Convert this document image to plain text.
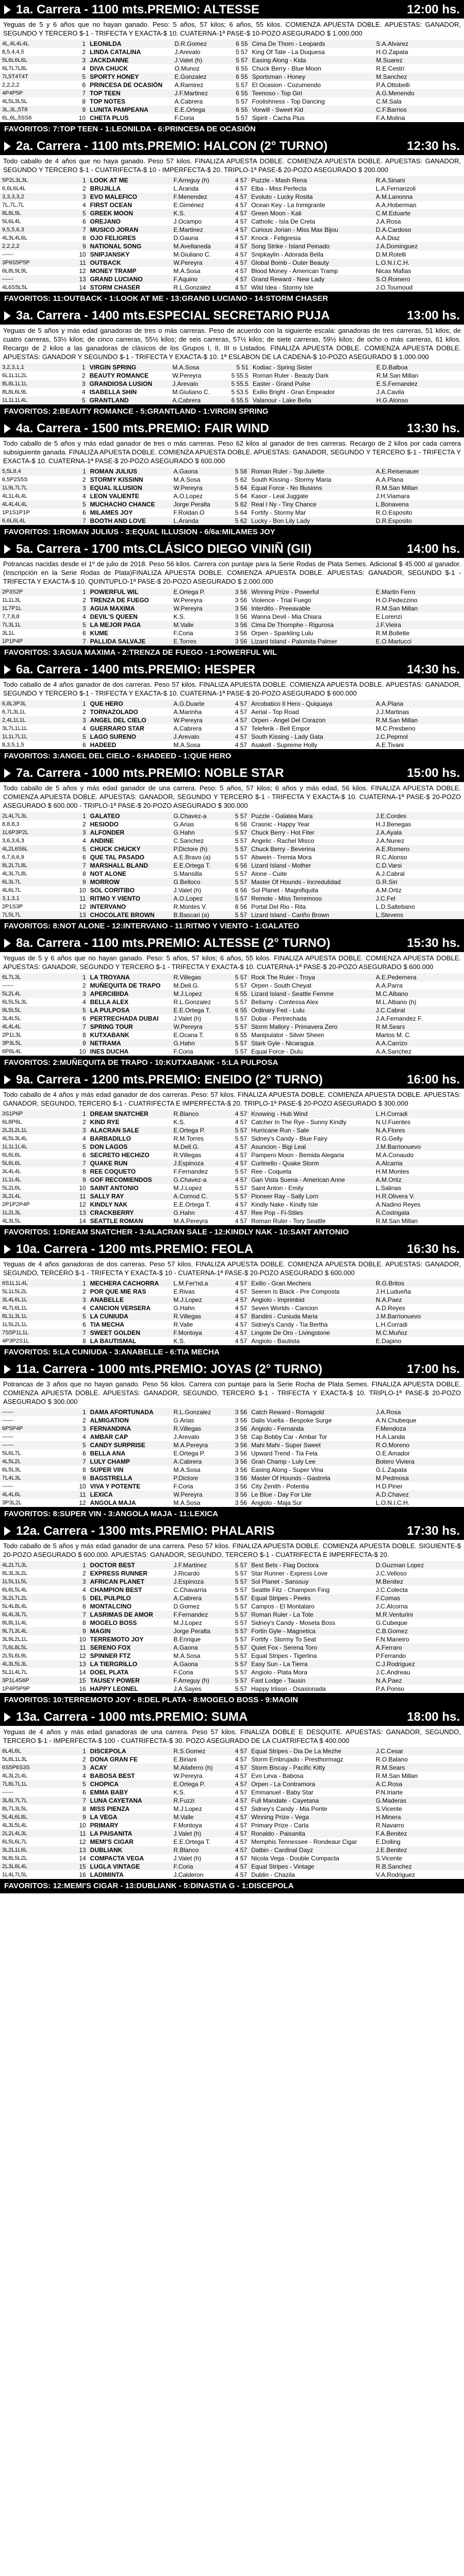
1a. Carrera - 1100 mts.PREMIO: ALTESSE	12:00 hs.
Yeguas de 5 y 6 años que no hayan ganado. Peso: 5 años, 57 kilos; 6 años, 55 kilos. COMIENZA APUESTA DOBLE. APUESTAS: GANADOR, SEGUNDO Y TERCERO $-1 - TRIFECTA Y EXACTA-$ 10. CUATERNA-1ª PASE-$ 10-POZO ASEGURADO $ 1.000.000
4L,4L4L4L	1	LEONILDA	D.R.Gomez	6 55	Cima De Thorn - Leopards	S.A.Alvarez
8,5,4,4,5	2	LINDA CATALINA	J.Arevalo	5 57	King Of Tate - La Duquesa	H.O.Zapata
5L6L6L6L	3	JACKDANNE	J.Valet (h)	5 57	Easing Along - Kida	M.Suarez
6L7L7L8L	4	DIVA CHUCK	O.Munoz	6 55	Chuck Berry - Blue Moon	R.E.Cestri
7L5T4T4T	5	SPORTY HONEY	E.Gonzalez	6 55	Sportsman - Honey	M.Sanchez
2,2,2,2	6	PRINCESA DE OCASIÓN	A.Ramirez	5 57	El Ocasion - Cozumendo	P.A.Ottobelli
4P4P5P	7	TOP TEEN	J.F.Martinez	6 55	Teenoso - Top Girl	A.G.Menendo
4L5L3L5L	8	TOP NOTES	A.Cabrera	5 57	Foolishness - Top Dancing	C.M.Sala
3L,3L,5T8	9	LUNITA PAMPEANA	E.E.Ortega	6 55	Vorwill - Sweet Kid	C.F.Barrios
6L,6L,5SS6	10	CHETA PLUS	F.Coria	5 57	Sipirit - Cacha Plus	F.A.Molina
FAVORITOS: 7:TOP TEEN - 1:LEONILDA - 6:PRINCESA DE OCASIÓN
2a. Carrera - 1100 mts.PREMIO: HALCON (2° TURNO)	12:30 hs.
Todo caballo de 4 años que no haya ganado. Peso 57 kilos. FINALIZA APUESTA DOBLE. COMIENZA APUESTA DOBLE. APUESTAS: GANADOR, SEGUNDO Y TERCERO $-1 - CUATRIFECTA-$ 10 - IMPERFECTA-$ 20. TRIPLO-1ª PASE-$ 20-POZO ASEGURADO $ 200.000
5P2L3L3L	1	LOOK AT ME	F.Arreguy (h)	4 57	Puzzle - Mash Rena	R.A.Sinani
6,6L6L4L	2	BRUJILLA	L.Aranda	4 57	Elba - Miss Perfecta	L.A.Fernanzoli
3,3,3,3,2	3	EVO MALEFICO	F.Menendez	4 57	Evoluto - Lucky Rosita	A.M.Lanonna
7L,7L,7L	4	FIRST OCEAN	E.Giménez	4 57	Ocean Key - La Inmigrante	A.A.Hoberman
8L8L9L	5	GREEK MOON	K.S.	4 57	Green Moon - Kali	C.M.Eduarte
5L6L4L	6	OREJANO	J.Ocampo	4 57	Catholic - Isla De Creta	J.A.Rosa
9,5,5,6,3	7	MUSICO JORAN	E.Martinez	4 57	Curious Jorian - Miss Max Bijou	D.A.Cardoso
4L3L4L6L	8	OJO FELIGRES	D.Gauna	4 57	Knock - Feligresia	A.A.Diaz
2,2,2,2	9	NATIONAL SONG	M.Avellaneda	4 57	Song Strike - Island Peinado	J.A.Dominguez
------	10	SNIPJANSKY	M.Giuliano C.	4 57	Snipkaylin - Adorada Bella	D.M.Rotelli
3P6S5P5P	11	OUTBACK	W.Pereyra	4 57	Global Bomb - Outer Beauty	L.O.N.I.C.H.
6L8L9L9L	12	MONEY TRAMP	M.A.Sosa	4 57	Blood Money - American Tramp	Nicas Mafias
------	13	GRAND LUCIANO	F.Aquino	4 57	Grand Reward - New Lady	S.O.Romero
4L6S5L5L	14	STORM CHASER	R.L.Gonzalez	4 57	Wild Idea - Stormy Isle	J.O.Toumoud
FAVORITOS: 11:OUTBACK - 1:LOOK AT ME - 13:GRAND LUCIANO - 14:STORM CHASER
3a. Carrera - 1400 mts.ESPECIAL SECRETARIO PUJA	13:00 hs.
Yeguas de 5 años y más edad ganadoras de tres o más carreras. Peso de acuerdo con la siguiente escala: ganadoras de tres carreras, 51 kilos; de cuatro carreras, 53½ kilos; de cinco carreras, 55½ kilos; de seis carreras, 57½ kilos; de siete carreras, 59½ kilos; de ocho o más carreras, 61 kilos. Recargo de 2 kilos a las ganadoras de clásicos de los Grupos I, II, III o Listados. FINALIZA APUESTA DOBLE. COMIENZA APUESTA DOBLE. APUESTAS: GANADOR Y SEGUNDO $-1 - TRIFECTA Y EXACTA-$ 10. 1ª ESLABON DE LA CADENA-$ 10-POZO ASEGURADO $ 1.000.000
3,2,3,1,1	1	VIRGIN SPRING	M.A.Sosa	5 51	Kodiac - Spring Sister	E.D.Balboa
6L1L1L2L	2	BEAUTY ROMANCE	W.Pereyra	5 55.5	Roman Ruler - Beauty Dark	R.M.San Millan
8L8L1L1L	3	GRANDIOSA LUSION	J.Arevalo	5 55.5	Easter - Grand Pulse	E.S.Fernandez
8L8L6L9L	4	ISABELLA SHIN	M.Giuliano C.	5 53.5	Exilio Bright - Gran Empeador	J.A.Cavila
1L1L1L4L	5	GRANTLAND	A.Cabrera	6 55.5	Valanour - Lake Bella	H.G.Alonso
FAVORITOS: 2:BEAUTY ROMANCE - 5:GRANTLAND - 1:VIRGIN SPRING
4a. Carrera - 1500 mts.PREMIO: FAIR WIND	13:30 hs.
Todo caballo de 5 años y más edad ganador de tres o más carreras. Peso 62 kilos al ganador de tres carreras. Recargo de 2 kilos por cada carrera subsiguiente ganada. FINALIZA APUESTA DOBLE. COMIENZA APUESTA DOBLE. APUESTAS: GANADOR, SEGUNDO Y TERCERO $-1 - TRIFECTA Y EXACTA-$ 10. CUATERNA-1ª PASE-$ 20-POZO ASEGURADO $ 600.000
5,5L8,4	1	ROMAN JULIUS	A.Gaona	5 58	Roman Ruler - Top Juliette	A.E.Reisenauer
6,5P2S5S	2	STORMY KISSINN	M.A.Sosa	5 62	South Kissing - Stormy Maria	A.A.Plana
1L9L7L7L	3	EQUAL ILLUSION	W.Pereyra	5 64	Equal Force - No Illusions	R.M.San Millan
4L1L4L4L	4	LEON VALIENTE	A.O.Lopez	5 64	Kasor - Leal Juggate	J.H.Viamara
4L4L4L4L	5	MUCHACHO CHANCE	Jorge Peralta	5 62	Real I Ny - Tiny Chance	L.Bonavena
1P1S1P1P	6	MILAMES JOY	F.Roldan.O	5 64	Fortify - Stormy Mar	R.O.Esposito
6,6L6L4L	7	BOOTH AND LOVE	L.Aranda	5 62	Lucky - Bon Lily Lady	D.R.Esposito
FAVORITOS: 1:ROMAN JULIUS - 3:EQUAL ILLUSION - 6/6a:MILAMES JOY
5a. Carrera - 1700 mts.CLÁSICO DIEGO VINIÑ (GII)	14:00 hs.
Potrancas nacidas desde el 1º de julio de 2018. Peso 56 kilos. Carrera con puntaje para la Serie Rodas de Plata Semes. Adicional $ 45.000 al ganador. (Inscripción en la Serie Rodas de Plata)FINALIZA APUESTA DOBLE. COMIENZA APUESTA DOBLE. APUESTAS: GANADOR, SEGUNDO $-1 - TRIFECTA Y EXACTA-$ 10. QUINTUPLO-1ª PASE-$ 20-POZO ASEGURADO $ 2.000.000
2P3S2P	1	POWERFUL WIL	E.Ortega P.	3 56	Winning Prize - Powerful	E.Martin Ferro
1L1L3L	2	TRENZA DE FUEGO	W.Pereyra	3 56	Violence - Trial Fuego	H.O.Pedezzino
1L7P1L	3	AGUA MAXIMA	W.Pereyra	3 56	Interdito - Preeavable	R.M.San Millan
7,7,8,8	4	DEVIL'S QUEEN	K.S.	3 56	Wanna Devil - Mia Chiara	E.Lorenzi
7L3L1L	5	LA MEJOR PAGA	M.Valle	3 56	Cima De Thornphe - Rigurosa	J.F.Vieira
3L1L	6	KUME	F.Coria	3 56	Orpen - Sparkling Lulu	R.M.Bollette
1P1P4P	7	PALLIDA SALVAJE	E.Torres	3 56	Lizard Island - Palomita Palmer	E.O.Martucci
FAVORITOS: 3:AGUA MAXIMA - 2:TRENZA DE FUEGO - 1:POWERFUL WIL
6a. Carrera - 1400 mts.PREMIO: HESPER	14:30 hs.
Todo caballo de 4 años ganador de dos carreras. Peso 57 kilos. FINALIZA APUESTA DOBLE. COMIENZA APUESTA DOBLE. APUESTAS: GANADOR, SEGUNDO Y TERCERO $-1 - TRIFECTA Y EXACTA-$ 10. CUATERNA-1ª PASE-$ 20-POZO ASEGURADO $ 600.000
6,8L3P3L	1	QUE HERO	A.G.Duarte	4 57	Arcobatico Il Hero - Quiquaya	A.A.Plana
6,7L3L1L	2	TORNAZOLADO	A.Marinha	4 57	Aerial - Top Road	J.J.Martinas
2,4L1L1L	3	ANGEL DEL CIELO	W.Pereyra	4 57	Orpen - Angel Del Corazon	R.M.San Millan
3L7L1L1L	4	GUERRARO STAR	A.Cabrera	4 57	Teleferik - Bell Empor	M.C.Presbeno
1L1L7L1L	5	LAGO SURENO	J.Arevalo	4 57	South Kissing - Lady Gata	J.C.Pepmol
8,3,5,1,5	6	HADEED	M.A.Sosa	4 57	Asakell - Supreme Holly	A.E.Tivani
FAVORITOS: 3:ANGEL DEL CIELO - 6:HADEED - 1:QUE HERO
7a. Carrera - 1000 mts.PREMIO: NOBLE STAR	15:00 hs.
Todo caballo de 5 años y más edad ganador de una carrera. Peso: 5 años, 57 kilos; 6 años y más edad, 56 kilos. FINALIZA APUESTA DOBLE. COMIENZA APUESTA DOBLE. APUESTAS: GANADOR, SEGUNDO Y TERCERO $-1 - TRIFECTA Y EXACTA-$ 10. CUATERNA-1ª PASE-$ 20-POZO ASEGURADO $ 600.000 - TRIPLO-1ª PASE-$ 20-POZO ASEGURADO $ 300.000
2L4L7L3L	1	GALATEO	G.Chavez-a	5 57	Puzzle - Galatea Mara	J.E.Cordes
8,8,8,3	2	HESIODO	G.Arias	6 56	Crasnic - Happy Year	H.J.Benegas
1L6P3P2L	3	ALFONDER	G.Hahn	5 57	Chuck Berry - Hot Fiter	J.A.Ayala
3,6,3,6,3	4	ANDINE	C.Sanchez	5 57	Angelic - Rachel Misco	J.A.Nunez
4L2L6S6L	5	CHUCK CHUCKY	P.Dictore (h)	5 57	Chuck Berry - Beverina	A.E.Romero
6,7,6,6,9	6	QUE TAL PASADO	A.E.Bravo (a)	5 57	Abwein - Tremia Mora	R.C.Alonso
8L2L7L8L	7	MARSHALL BLAND	E.E.Ortega T.	6 56	Lizard Island - Mother	C.D.Varsi
4L3L7L8L	8	NOT ALONE	S.Mansilla	5 57	Alone - Cuite	A.J.Cabral
6L3L7L	9	MORROW	G.Belloco	5 57	Master Of Hounds - Incredulidad	G.R.Siri
4L6L7L	10	SOL CORITIBO	J.Valet (h)	6 56	Sol Planet - Magnifiquita	A.M.Ortiz
3,1,3,1	11	RITMO Y VIENTO	A.O.Lopez	5 57	Remote - Miss Terremoso	J.C.Fel
2P1S3P	12	INTERVANO	R.Montes V.	6 56	Portal Del Rio - Rita	L.D.Saltebano
7L5L7L	13	CHOCOLATE BROWN	B.Bascari (a)	5 57	Lizard Island - Cariño Brown	L.Stevens
FAVORITOS: 8:NOT ALONE - 12:INTERVANO - 11:RITMO Y VIENTO - 1:GALATEO
8a. Carrera - 1100 mts.PREMIO: ALTESSE (2° TURNO)	15:30 hs.
Yeguas de 5 y 6 años que no hayan ganado. Peso: 5 años, 57 kilos; 6 años, 55 kilos. FINALIZA APUESTA DOBLE. COMIENZA APUESTA DOBLE. APUESTAS: GANADOR, SEGUNDO Y TERCERO $-1 - TRIFECTA Y EXACTA-$ 10. CUATERNA-1ª PASE-$ 20-POZO ASEGURADO $ 600.000
6L7L3L	1	LA TROYANA	R.Villegas	5 57	Rock The Ruler - Troya	A.E.Pedernera
------	2	MUÑEQUITA DE TRAPO	M.Dell.G.	5 57	Orpen - South Cheyat	A.A.Parra
5L2L4L	3	APERCIBIDA	M.J.Lopez	6 55	Lizard Island - Seattle Femme	M.C.Albano
6L5L5L3L	4	BELLA ALEX	R.L.Gonzalez	5 57	Bellamy - Contessa Alex	M.L.Albano (h)
9L5L5L	5	LA PULPOSA	E.E.Ortega T.	6 55	Ordinary Fed - Lulu	J.C.Cabral
3L4L5L	6	PERTRECHADA DUBAI	J.Valet (h)	5 57	Dubai - Pertrechada	J.A.Fernandez F.
4L4L4L	7	SPRING TOUR	W.Pereyra	5 57	Storm Mallory - Primavera Zero	R.M.Sears
2P1L3L	8	KUTXABANK	E.Ocana T.	6 55	Manipulator - Silver Sheen	Martos M. C.
3P3L5L	9	NETRAMA	G.Hahn	5 57	Stark Gyle - Nicaragua	A.A.Carrizo
6P6L4L	10	INES DUCHA	F.Coria	5 57	Equal Force - Dulu	A.A.Sanchez
FAVORITOS: 2:MUÑEQUITA DE TRAPO - 10:KUTXABANK - 5:LA PULPOSA
9a. Carrera - 1200 mts.PREMIO: ENEIDO (2° TURNO)	16:00 hs.
Todo caballo de 4 años y más edad ganador de dos carreras. Peso: 57 kilos. FINALIZA APUESTA DOBLE. COMIENZA APUESTA DOBLE. APUESTAS: GANADOR, SEGUNDO, TERCERO $-1 - CUATRIFECTA E IMPERFECTA-$ 20. TRIPLO-1ª PASE-$ 20-POZO ASEGURADO $ 300.000
3S1P6P	1	DREAM SNATCHER	R.Blanco	4 57	Knowing - Hub Wind	L.H.Corradi
6L8P6L	2	KIND RYE	K.S.	4 57	Catcher In The Rye - Sunny Kindly	N.U.Fuentes
2L2L2L1L	3	ALACRAN SALE	E.Ortega P.	5 57	Hurricane Run - Sale	N.A.Flores
4L5L3L4L	4	BARBADILLO	R.M.Torres	5 57	Sidney's Candy - Blue Fairy	R.G.Gelly
1L1L1L4L	5	DON LAGOS	M.Dell.G.	4 57	Asuncion - Bigi Leal	J.M.Barrionuevo
6L6L6L	6	SECRETO HECHIZO	R.Villegas	4 57	Pampero Moon - Bemida Alegaria	M.A.Conaudo
5L6L6L	7	QUAKE RUN	J.Espinoza	4 57	Curlinello - Quake Storm	A.Alcarria
3L4L4L	8	REE COQUETO	F.Fernandez	5 57	Ree - Coqueta	H.M.Montes
1L1L4L	9	GOF RECOMIENDOS	G.Chavez-a	4 57	Gan Vista Suena - American Anne	A.M.Ortiz
5L2L6L	10	SAINT ANTONIO	M.J.Lopez	5 57	Saint Anton - Emily	L.Salinas
3L2L4L	11	SALLY RAY	A.Cornod C.	5 57	Pioneer Ray - Sally Lorn	H.R.Olivera V.
2P1P2P4P	12	KINDLY NAK	E.E.Ortega T.	4 57	Kindly Nake - Kindly Isle	A.Nadino Reyes
1L2L3L	13	CRACKBERRY	G.Hahn	4 57	Ree Pop - Fi-Stiles	A.Costrigala
4L3L5L	14	SEATTLE ROMAN	M.A.Pereyra	4 57	Roman Ruler - Tory Seattle	R.M.San Millan
FAVORITOS: 1:DREAM SNATCHER - 3:ALACRAN SALE - 12:KINDLY NAK - 10:SANT ANTONIO
10a. Carrera - 1200 mts.PREMIO: FEOLA	16:30 hs.
Yeguas de 4 años ganadoras de dos carreras. Peso 57 kilos. FINALIZA APUESTA DOBLE. COMIENZA APUESTA DOBLE. APUESTAS: GANADOR, SEGUNDO, TERCERO $-1 - TRIFECTA Y EXACTA-$ 10 - CUATERNA-1ª PASE-$ 20-POZO ASEGURADO $ 600.000
6S1L1L4L	1	MECHERA CACHORRA	L.M.Fer'nd.a	4 57	Exilio - Gran Mechera	R.G.Britos
5L1L5L2L	2	POR QUE MIE RAS	E.Rivas	4 57	Seeren Is Black - Pre Composta	J.H.Ludueña
3L4L6L1L	3	ANABELLE	M.J.Lopez	4 57	Angiolo - Imprimbid	N.A.Paez
4L7L6L1L	4	CANCION VERSERA	G.Hahn	4 57	Seven Worlds - Cancion	A.D.Reyes
8L1L3L1L	5	LA CUNIUDA	R.Villegas	4 57	Bandini - Cuniuda Maria	J.M.Barrionuevo
1L5L2L1L	6	TIA MECHA	R.Valle	4 57	Sidney's Candy - Tia Bertha	L.H.Corradi
7S5P1L1L	7	SWEET GOLDEN	F.Montoya	4 57	Lingote De Oro - Livingstone	M.C.Muñoz
4P3P2S1L	8	LA BAUTISMAL	K.S.	4 57	Angiolo - Bautista	E.Dapino
FAVORITOS: 5:LA CUNIUDA - 3:ANABELLE - 6:TIA MECHA
11a. Carrera - 1000 mts.PREMIO: JOYAS (2° TURNO)	17:00 hs.
Potrancas de 3 años que no hayan ganado. Peso 56 kilos. Carrera con puntaje para la Serie Rocha de Plata Semes. FINALIZA APUESTA DOBLE. COMIENZA APUESTA DOBLE. APUESTAS: GANADOR, SEGUNDO, TERCERO $-1 - TRIFECTA Y EXACTA-$ 10. TRIPLO-1ª PASE-$ 20-POZO ASEGURADO $ 300.000
------	1	DAMA AFORTUNADA	R.L.Gonzalez	3 56	Catch Reward - Romagold	J.A.Rosa
------	2	ALMIGATION	G.Arias	3 56	Dalis Vuelta - Bespoke Surge	A.N.Chubeque
6P5P4P	3	FERNANDINA	R.Villegas	3 56	Angiolo - Fernanda	F.Mendoza
------	4	AMBAR CAP	J.Arevalo	3 56	Cap Bobby Car - Ambar Tor	H.A.Landa
------	5	CANDY SURPRISE	M.A.Pereyra	3 56	Mahi Mahi - Super Sweet	R.O.Moreno
5L6L7L	6	BELLA ANA	E.Ortega P.	3 56	Upward Trend - Tia Fela	O.E.Amador
4L5L2L	7	LULY CHAMP	A.Cabrera	3 56	Gran Champ - Luly Lee	Botero Viviera
6L5L3L	8	SUPER VIN	M.A.Sosa	3 56	Easing Along - Super Vina	G.L.Zapata
7L4L3L	9	BAGSTRELLA	P.Dictore	3 56	Master Of Hounds - Gastrela	M.Pedmosa
------	10	VIVA Y POTENTE	F.Coria	3 56	City Zenith - Potentia	H.D.Piner
4L4L6L	11	LEXICA	W.Pereyra	3 56	Le Blue - Day For Lite	A.D.Chavez
3P3L2L	12	ANGOLA MAJA	M.A.Sosa	3 56	Angiolo - Maja Sur	L.O.N.I.C.H.
FAVORITOS: 8:SUPER VIN - 3:ANGOLA MAJA - 11:LEXICA
12a. Carrera - 1300 mts.PREMIO: PHALARIS	17:30 hs.
Todo caballo de 5 años y más edad ganador de una carrera. Peso 57 kilos. FINALIZA APUESTA DOBLE. COMIENZA APUESTA DOBLE. SIGUIENTE-$ 20-POZO ASEGURADO $ 600.000. APUESTAS: GANADOR, SEGUNDO, TERCERO $-1 - CUATRIFECTA E IMPERFECTA-$ 20.
4L2L7L3L	1	DOCTOR BEST	J.F.Martinez	5 57	Best Bets - Flag Doctora	D.Guzman Lopez
8L3L3L2L	2	EXPRESS RUNNER	J.Ricardo	5 57	Star Runner - Express Love	J.C.Velloso
1L5L1L5L	3	AFRICAN PLANET	J.Espinoza	5 57	Sol Planet - Sanssuy	M.Benitez
6L6L5L4L	4	CHAMPION BEST	C.Chavarria	5 57	Seattle Fitz - Champion Fing	J.C.Colecta
3L2L7L2L	5	DEL PULPILO	A.Cabrera	5 57	Equal Stripes - Peeks	F.Comas
5L4L8L4L	6	MONTALCINO	D.Gomez	5 57	Campos - El Montalaro	J.C.Alcorna
6L4L3L7L	7	LASRIMAS DE AMOR	F.Fernandez	5 57	Roman Ruler - La Tote	M.R.Venturini
8L8L1L4L	8	MOGELO BOSS	M.J.Lopez	5 57	Sidney's Candy - Moseta Boss	G.Cubeque
9L7L3L4L	9	MAGIN	Jorge Peralta	5 57	Fortin Gyle - Magnetica	C.B.Gomez
3L9L2L1L	10	TERREMOTO JOY	B.Enrique	5 57	Fortify - Stormy To Seat	F.N.Maneiro
7L6L8L5L	11	SERENO FOX	A.Gaona	5 57	Quiet Fox - Serena Toro	A.Ferraro
2L5L6L9L	12	SPINNER FTZ	M.A.Sosa	5 57	Equal Stripes - Tigerlina	P.Ferrando
4L3L5L3L	13	LA TIERGRILLO	A.Gaona	5 57	Easy Sun - La Tierra	C.J.Rodriguez
5L1L4L7L	14	DOEL PLATA	F.Coria	5 57	Angiolo - Plata Mora	J.C.Andreau
3P1L4S6P	15	TAUSEY POWER	F.Arreguy (h)	5 57	Fast Lodge - Tausin	N.A.Paez
1P4P5P9P	16	HAPPY LEONEL	J.A.Sayes	5 57	Happy Irlison - Osasionada	P.A.Ponso
FAVORITOS: 10:TERREMOTO JOY - 8:DEL PLATA - 8:MOGELO BOSS - 9:MAGIN
13a. Carrera - 1000 mts.PREMIO: SUMA	18:00 hs.
Yeguas de 4 años y más edad ganadoras de una carrera. Peso 57 kilos. FINALIZA DOBLE E DESQUITE. APUESTAS: GANADOR, SEGUNDO, TERCERO $-1 - IMPERFECTA-$ 100 - CUATRIFECTA-$ 30. POZO ASEGURADO DE LA CUATRIFECTA $ 400.000
6L4L6L	1	DISCEPOLA	R.S.Gomez	4 57	Equal Stripes - Dia De La Mezhe	J.C.Cesar
5L8L1L3L	2	DONA GRAN FE	E.Biriani	4 57	Storm Embrujado - Presthormagz	R.O.Balano
6S5P6S3S	3	ACAY	M.Ailaferro (h)	4 57	Storm Biscay - Pacific Kitty	R.M.Sears
4L3L2L4L	4	BABOSA BEST	W.Pereyra	4 57	Evo Leva - Babosa	R.M.San Millan
7L8L7L1L	5	CHOPICA	E.Ortega P.	4 57	Orpen - La Contramora	A.C.Rosa
------	6	EMMA BABY	K.S.	4 57	Emmanuel - Baby Star	P.N.Iriarte
3L6L7L7L	7	LUNA CAYETANA	R.Fuzzi	4 57	Full Mandate - Cayetana	G.Maderas
8L7L3L5L	8	MISS PIENZA	M.J.Lopez	4 57	Sidney's Candy - Mia Ponte	S.Vicente
5L4L6L8L	9	LA VEGA	M.Valle	4 57	Winning Prize - Vega	H.Minera
4L3L5L4L	10	PRIMARY	F.Montoya	4 57	Primary Prize - Carla	R.Navarro
2L2L4L3L	11	LA PAISANITA	J.Valet (h)	4 57	Ronaldo - Paisanita	F.A.Benitez
6L5L6L7L	12	MEMI'S CIGAR	E.E.Ortega T.	4 57	Memphis Tennessee - Rondeaur Cigar	E.Dolling
3L2L1L6L	13	DUBLIANK	R.Blanco	4 57	Dalbin - Cardinal Dayz	J.E.Benitez
9L8L5L2L	14	COMPACTA VEGA	J.Valet (h)	4 57	Nicola Vega - Double Compacta	S.Vicente
2L3L6L4L	15	LUGLA VINTAGE	F.Coria	4 57	Equal Stripes - Vintage	R.B.Sanchez
1L4L7L5L	16	LADIMINTA	J.Calderon	4 57	Dublin - Chazila	V.A.Rodriguez
FAVORITOS: 12:MEMI'S CIGAR - 13:DUBLIANK - 5:DINASTIA G - 1:DISCEPOLA
